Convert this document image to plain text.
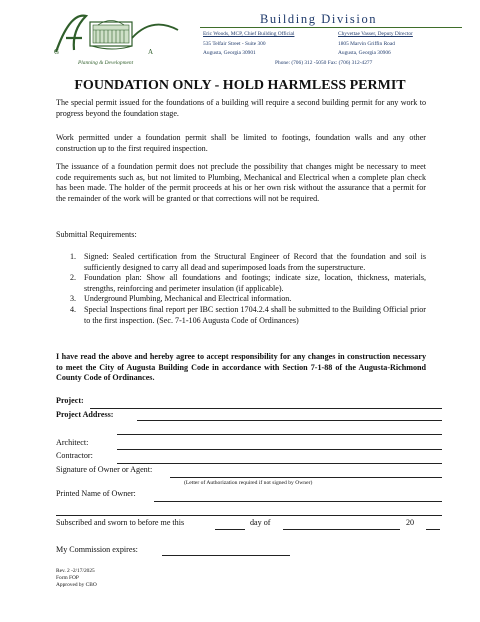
G	A
Planning & Development
Building Division
Eric Woods, MCP, Chief Building Official
535 Telfair Street - Suite 300
Augusta, Georgia 30901
Chyvettae Vasser, Deputy Director
1805 Marvin Griffin Road
Augusta, Georgia 30906
Phone: (706) 312 -5050 Fax: (706) 312-4277
FOUNDATION ONLY - HOLD HARMLESS PERMIT
The special permit issued for the foundations of a building will require a second building permit for any work to progress beyond the foundation stage.
Work permitted under a foundation permit shall be limited to footings, foundation walls and any other construction up to the first required inspection.
The issuance of a foundation permit does not preclude the possibility that changes might be necessary to meet code requirements such as, but not limited to Plumbing, Mechanical and Electrical when a complete plan check has been made. The holder of the permit proceeds at his or her own risk without the assurance that a permit for the remainder of the work will be granted or that corrections will not be required.
Submittal Requirements:

1. Signed: Sealed certification from the Structural Engineer of Record that the foundation and soil is sufficiently designed to carry all dead and superimposed loads from the superstructure.

2. Foundation plan: Show all foundations and footings; indicate size, location, thickness, materials, strengths, reinforcing and perimeter insulation (if applicable).

3. Underground Plumbing, Mechanical and Electrical information.

4. Special Inspections final report per IBC section 1704.2.4 shall be submitted to the Building Official prior to the first inspection. (Sec. 7-1-106 Augusta Code of Ordinances)

I have read the above and hereby agree to accept responsibility for any changes in construction necessary to meet the City of Augusta Building Code in accordance with Section 7-1-88 of the Augusta-Richmond County Code of Ordinances.
Project:
Project Address:
Architect:
Contractor:
Signature of Owner or Agent:
(Letter of Authorization required if not signed by Owner)
Printed Name of Owner:
Subscribed and sworn to before me this	day of	20
My Commission expires:
Rev. 2 -2/17/2025
Form FOP
Approved by CBO
